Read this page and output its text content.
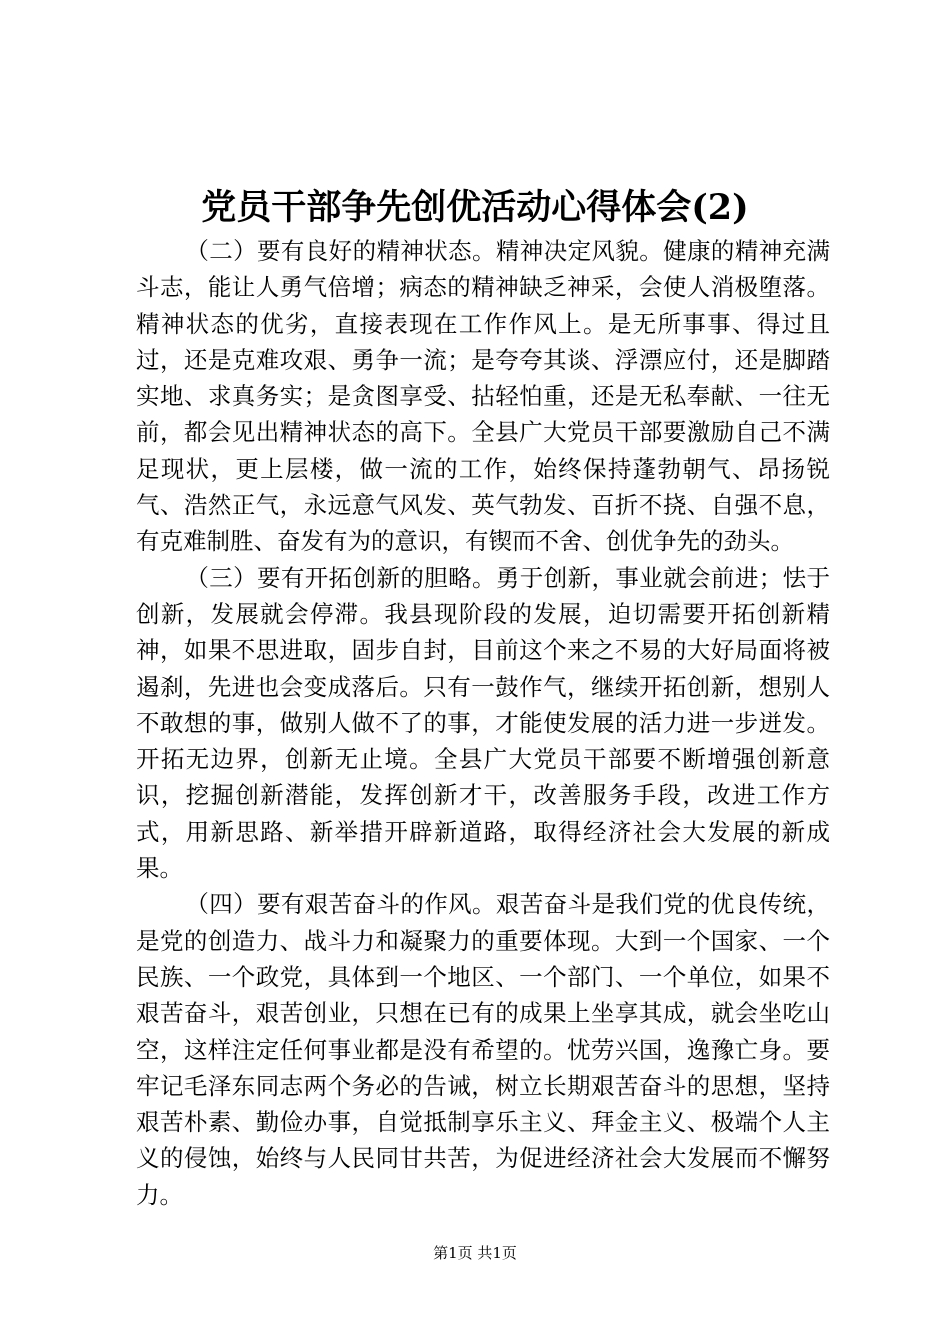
党员干部争先创优活动心得体会(2)

（二）要有良好的精神状态。精神决定风貌。健康的精神充满斗志，能让人勇气倍增；病态的精神缺乏神采，会使人消极堕落。精神状态的优劣，直接表现在工作作风上。是无所事事、得过且过，还是克难攻艰、勇争一流；是夸夸其谈、浮漂应付，还是脚踏实地、求真务实；是贪图享受、拈轻怕重，还是无私奉献、一往无前，都会见出精神状态的高下。全县广大党员干部要激励自己不满足现状，更上层楼，做一流的工作，始终保持蓬勃朝气、昂扬锐气、浩然正气，永远意气风发、英气勃发、百折不挠、自强不息，有克难制胜、奋发有为的意识，有锲而不舍、创优争先的劲头。

（三）要有开拓创新的胆略。勇于创新，事业就会前进；怯于创新，发展就会停滞。我县现阶段的发展，迫切需要开拓创新精神，如果不思进取，固步自封，目前这个来之不易的大好局面将被遏刹，先进也会变成落后。只有一鼓作气，继续开拓创新，想别人不敢想的事，做别人做不了的事，才能使发展的活力进一步迸发。开拓无边界，创新无止境。全县广大党员干部要不断增强创新意识，挖掘创新潜能，发挥创新才干，改善服务手段，改进工作方式，用新思路、新举措开辟新道路，取得经济社会大发展的新成果。

（四）要有艰苦奋斗的作风。艰苦奋斗是我们党的优良传统，是党的创造力、战斗力和凝聚力的重要体现。大到一个国家、一个民族、一个政党，具体到一个地区、一个部门、一个单位，如果不艰苦奋斗，艰苦创业，只想在已有的成果上坐享其成，就会坐吃山空，这样注定任何事业都是没有希望的。忧劳兴国，逸豫亡身。要牢记毛泽东同志两个务必的告诫，树立长期艰苦奋斗的思想，坚持艰苦朴素、勤俭办事，自觉抵制享乐主义、拜金主义、极端个人主义的侵蚀，始终与人民同甘共苦，为促进经济社会大发展而不懈努力。

第1页 共1页
